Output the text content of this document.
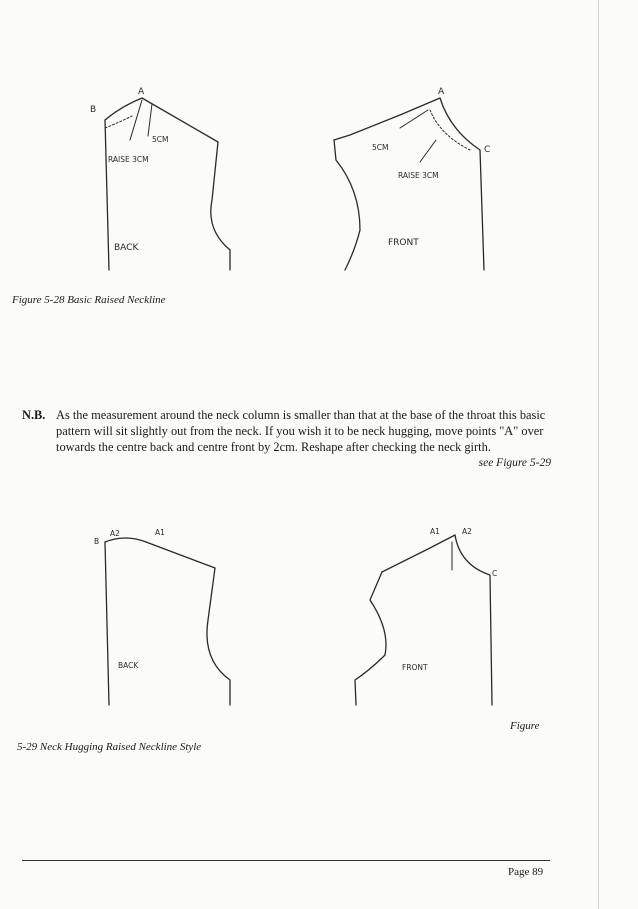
A
B
5CM
RAISE 3CM
BACK
A
C
5CM
RAISE 3CM
FRONT

Figure 5-28 Basic Raised Neckline

N.B. As the measurement around the neck column is smaller than that at the base of the throat this basic pattern will sit slightly out from the neck. If you wish it to be neck hugging, move points "A" over towards the centre back and centre front by 2cm. Reshape after checking the neck girth.
see Figure 5-29
A2	A1
B
BACK
A1	A2
C
FRONT

Figure

5-29 Neck Hugging Raised Neckline Style

Page 89
